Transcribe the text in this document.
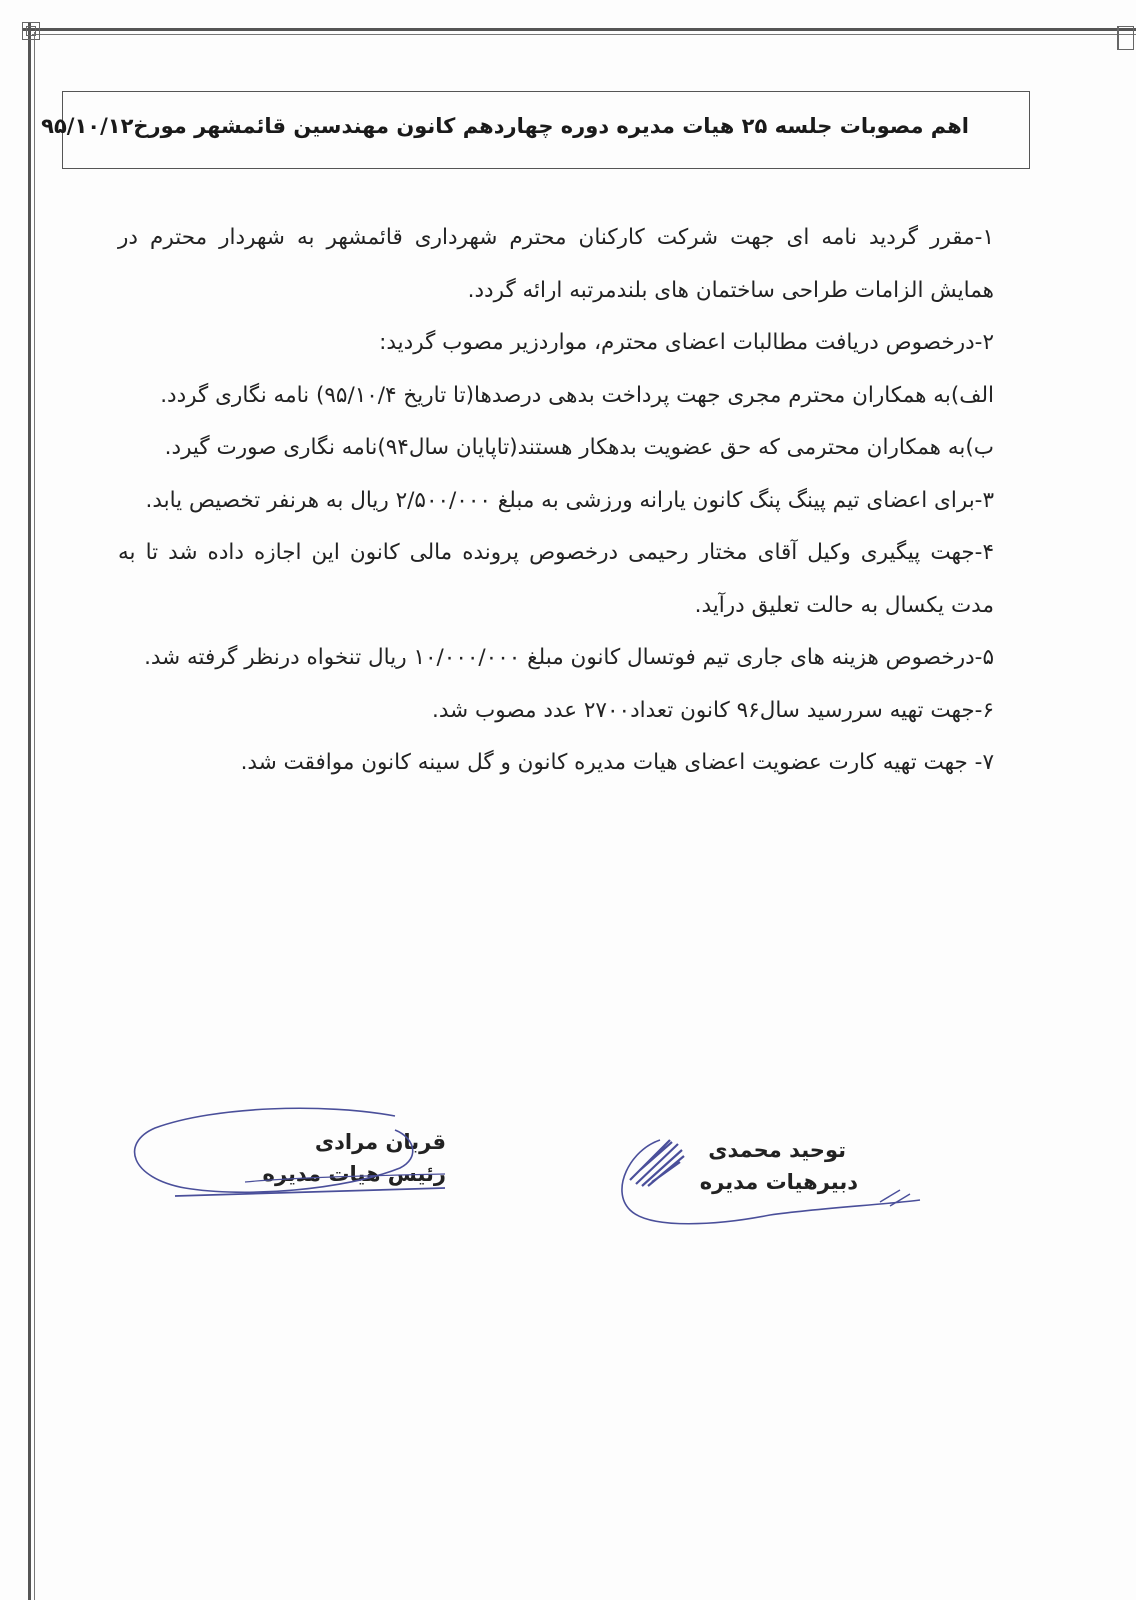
اهم مصوبات جلسه ۲۵ هیات مدیره دوره چهاردهم کانون مهندسین قائمشهر مورخ۹۵/۱۰/۱۲

۱-مقرر گردید نامه ای جهت شرکت کارکنان محترم شهرداری قائمشهر به شهردار محترم در همایش الزامات طراحی ساختمان های بلندمرتبه ارائه گردد.

۲-درخصوص دریافت مطالبات اعضای محترم، مواردزیر مصوب گردید:

الف)به همکاران محترم مجری جهت پرداخت بدهی درصدها(تا تاریخ ۹۵/۱۰/۴) نامه نگاری گردد.

ب)به همکاران محترمی که حق عضویت بدهکار هستند(تاپایان سال۹۴)نامه نگاری صورت گیرد.

۳-برای اعضای تیم پینگ پنگ کانون یارانه ورزشی به مبلغ ۲/۵۰۰/۰۰۰ ریال به هرنفر تخصیص یابد.

۴-جهت پیگیری وکیل آقای مختار رحیمی درخصوص پرونده مالی کانون این اجازه داده شد تا به مدت یکسال به حالت تعلیق درآید.

۵-درخصوص هزینه های جاری تیم فوتسال کانون مبلغ ۱۰/۰۰۰/۰۰۰ ریال تنخواه درنظر گرفته شد.

۶-جهت تهیه سررسید سال۹۶ کانون تعداد۲۷۰۰ عدد مصوب شد.

۷- جهت تهیه کارت عضویت اعضای هیات مدیره کانون و گل سینه کانون موافقت شد.

توحید محمدی
دبیرهیات مدیره
قربان مرادی
رئیس هیات مدیره
